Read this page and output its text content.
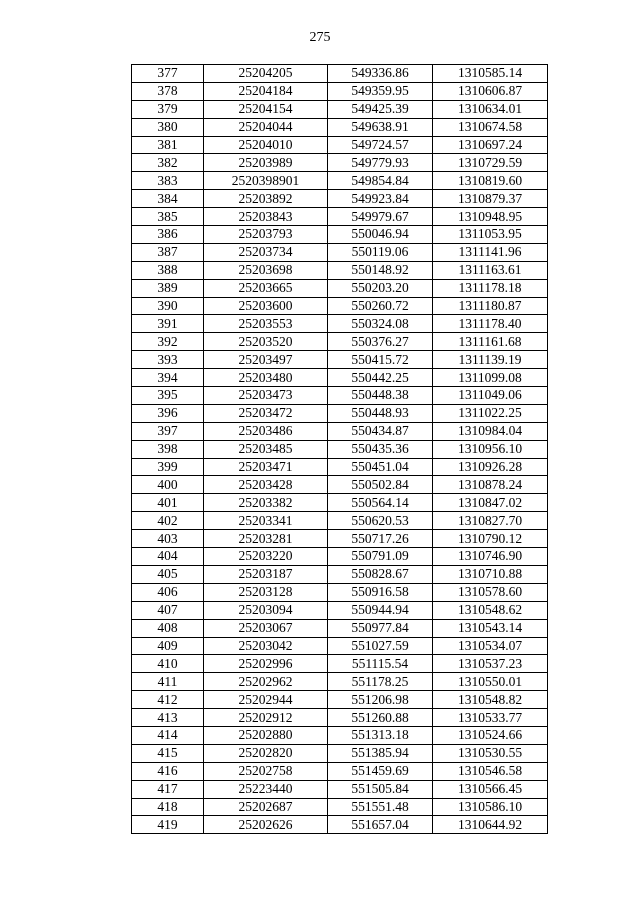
275
377	25204205	549336.86	1310585.14
378	25204184	549359.95	1310606.87
379	25204154	549425.39	1310634.01
380	25204044	549638.91	1310674.58
381	25204010	549724.57	1310697.24
382	25203989	549779.93	1310729.59
383	2520398901	549854.84	1310819.60
384	25203892	549923.84	1310879.37
385	25203843	549979.67	1310948.95
386	25203793	550046.94	1311053.95
387	25203734	550119.06	1311141.96
388	25203698	550148.92	1311163.61
389	25203665	550203.20	1311178.18
390	25203600	550260.72	1311180.87
391	25203553	550324.08	1311178.40
392	25203520	550376.27	1311161.68
393	25203497	550415.72	1311139.19
394	25203480	550442.25	1311099.08
395	25203473	550448.38	1311049.06
396	25203472	550448.93	1311022.25
397	25203486	550434.87	1310984.04
398	25203485	550435.36	1310956.10
399	25203471	550451.04	1310926.28
400	25203428	550502.84	1310878.24
401	25203382	550564.14	1310847.02
402	25203341	550620.53	1310827.70
403	25203281	550717.26	1310790.12
404	25203220	550791.09	1310746.90
405	25203187	550828.67	1310710.88
406	25203128	550916.58	1310578.60
407	25203094	550944.94	1310548.62
408	25203067	550977.84	1310543.14
409	25203042	551027.59	1310534.07
410	25202996	551115.54	1310537.23
411	25202962	551178.25	1310550.01
412	25202944	551206.98	1310548.82
413	25202912	551260.88	1310533.77
414	25202880	551313.18	1310524.66
415	25202820	551385.94	1310530.55
416	25202758	551459.69	1310546.58
417	25223440	551505.84	1310566.45
418	25202687	551551.48	1310586.10
419	25202626	551657.04	1310644.92
